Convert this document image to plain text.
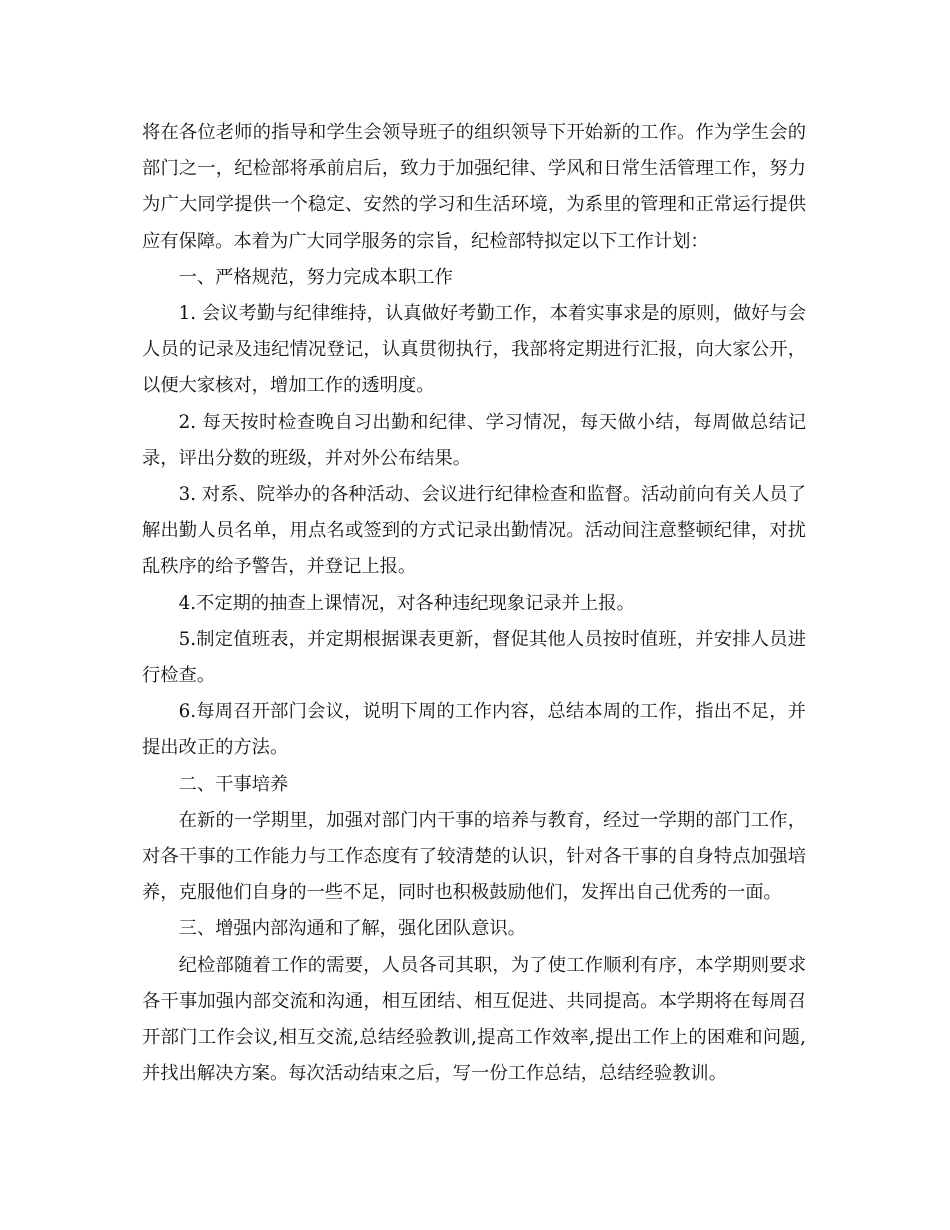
将在各位老师的指导和学生会领导班子的组织领导下开始新的工作。作为学生会的部门之一，纪检部将承前启后，致力于加强纪律、学风和日常生活管理工作，努力为广大同学提供一个稳定、安然的学习和生活环境，为系里的管理和正常运行提供应有保障。本着为广大同学服务的宗旨，纪检部特拟定以下工作计划：

一、严格规范，努力完成本职工作

1. 会议考勤与纪律维持，认真做好考勤工作，本着实事求是的原则，做好与会人员的记录及违纪情况登记，认真贯彻执行，我部将定期进行汇报，向大家公开，以便大家核对，增加工作的透明度。

2. 每天按时检查晚自习出勤和纪律、学习情况，每天做小结，每周做总结记录，评出分数的班级，并对外公布结果。

3. 对系、院举办的各种活动、会议进行纪律检查和监督。活动前向有关人员了解出勤人员名单，用点名或签到的方式记录出勤情况。活动间注意整顿纪律，对扰乱秩序的给予警告，并登记上报。

4.不定期的抽查上课情况，对各种违纪现象记录并上报。

5.制定值班表，并定期根据课表更新，督促其他人员按时值班，并安排人员进行检查。

6.每周召开部门会议，说明下周的工作内容，总结本周的工作，指出不足，并提出改正的方法。

二、干事培养

在新的一学期里，加强对部门内干事的培养与教育，经过一学期的部门工作，对各干事的工作能力与工作态度有了较清楚的认识，针对各干事的自身特点加强培养，克服他们自身的一些不足，同时也积极鼓励他们，发挥出自己优秀的一面。

三、增强内部沟通和了解，强化团队意识。

纪检部随着工作的需要，人员各司其职，为了使工作顺利有序，本学期则要求各干事加强内部交流和沟通，相互团结、相互促进、共同提高。本学期将在每周召开部门工作会议,相互交流,总结经验教训,提高工作效率,提出工作上的困难和问题,并找出解决方案。每次活动结束之后，写一份工作总结，总结经验教训。
